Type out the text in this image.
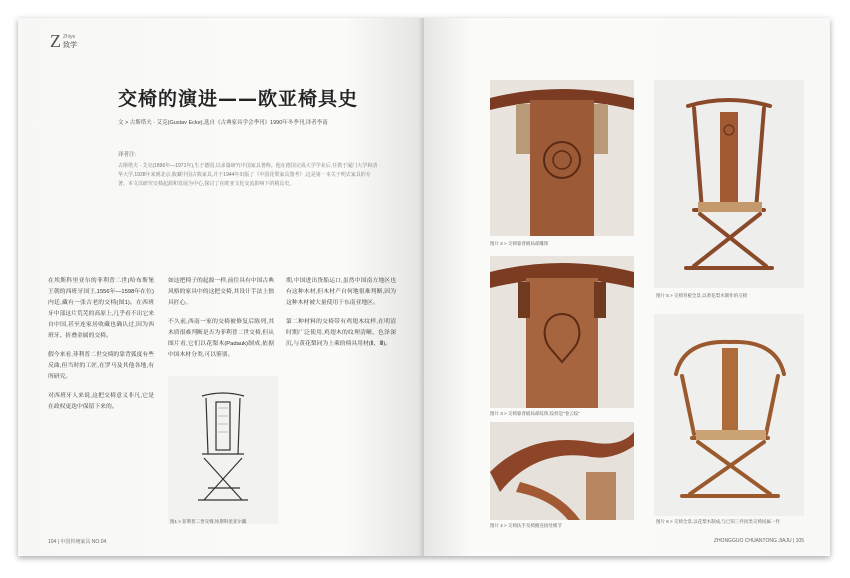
Z Zhiye
致学
交椅的演进——欧亚椅具史
文 > 古斯塔夫 · 艾克(Gustav Ecke),选自《古典家具学会季刊》1990年冬季刊,译者李南
译者注:
古斯塔夫 · 艾克(1896年—1971年),生于德国,以多篇研究中国家具著称。他在德国完成大学学业后,任教于厦门大学和清华大学,1928年来到北京,收藏中国古典家具,并于1944年出版了《中国花梨家具图考》,这是第一本关于明式家具的专著。本文以研究交椅起源和发展为中心,探讨了在欧亚文化交流影响下的椅具史。

在埃斯科里亚尔的菲利普二世(哈布斯堡王朝的西班牙国王,1556年—1598年在位)内廷,藏有一张古老的交椅(图1)。在西班牙中部这片荒芜的高原上,几乎看不出它来自中国,甚至连家居收藏也确认过,因为西班牙、折叠金属的交椅。

假今来看,菲利普二世交椅的靠背弧度有些反曲,但当时的工匠,在罗马及其他各地,有所研究。

对西班牙人来说,这把交椅意义非凡,它是在政权更迭中保留下来的。

如这把椅子的起源一样,前往具有中国古典风格的家具中的这把交椅,其设计手法上独具匠心。

不久前,西南一家的交椅被修复后陈列,其木质很难判断是否为菲利普二世交椅,但从图片看,它们以花梨木(Padauk)制成,依据中国木材分类,可以鉴别。

期,中国进出货船运口,虽然中国南方地区也有这种木材,但木材产自何地很难判断,因为这种木材被大量使用于东南亚地区。

第二种材料的交椅带有鸡翅木纹样,在明清时期广泛使用,鸡翅木的纹理清晰、色泽深沉,与黄花梨同为上乘的椅具用材(Ⅱ、Ⅲ)。

图1 > 菲利普二世交椅,埃斯科里亚尔藏
104 | 中国传统家具 NO.04
图片 2 > 交椅靠背板局部雕饰
图片 3 > 交椅靠背板局部纹饰,纹样是"卷云纹"
图片 4 > 交椅扶手及椅圈连接处细节
图片 5 > 交椅背板全景,以黄花梨木制作的交椅
图片 6 > 交椅全景,以花梨木制成,与已知三件同类交椅同属一件
ZHONGGUO CHUANTONG JIAJU | 105
